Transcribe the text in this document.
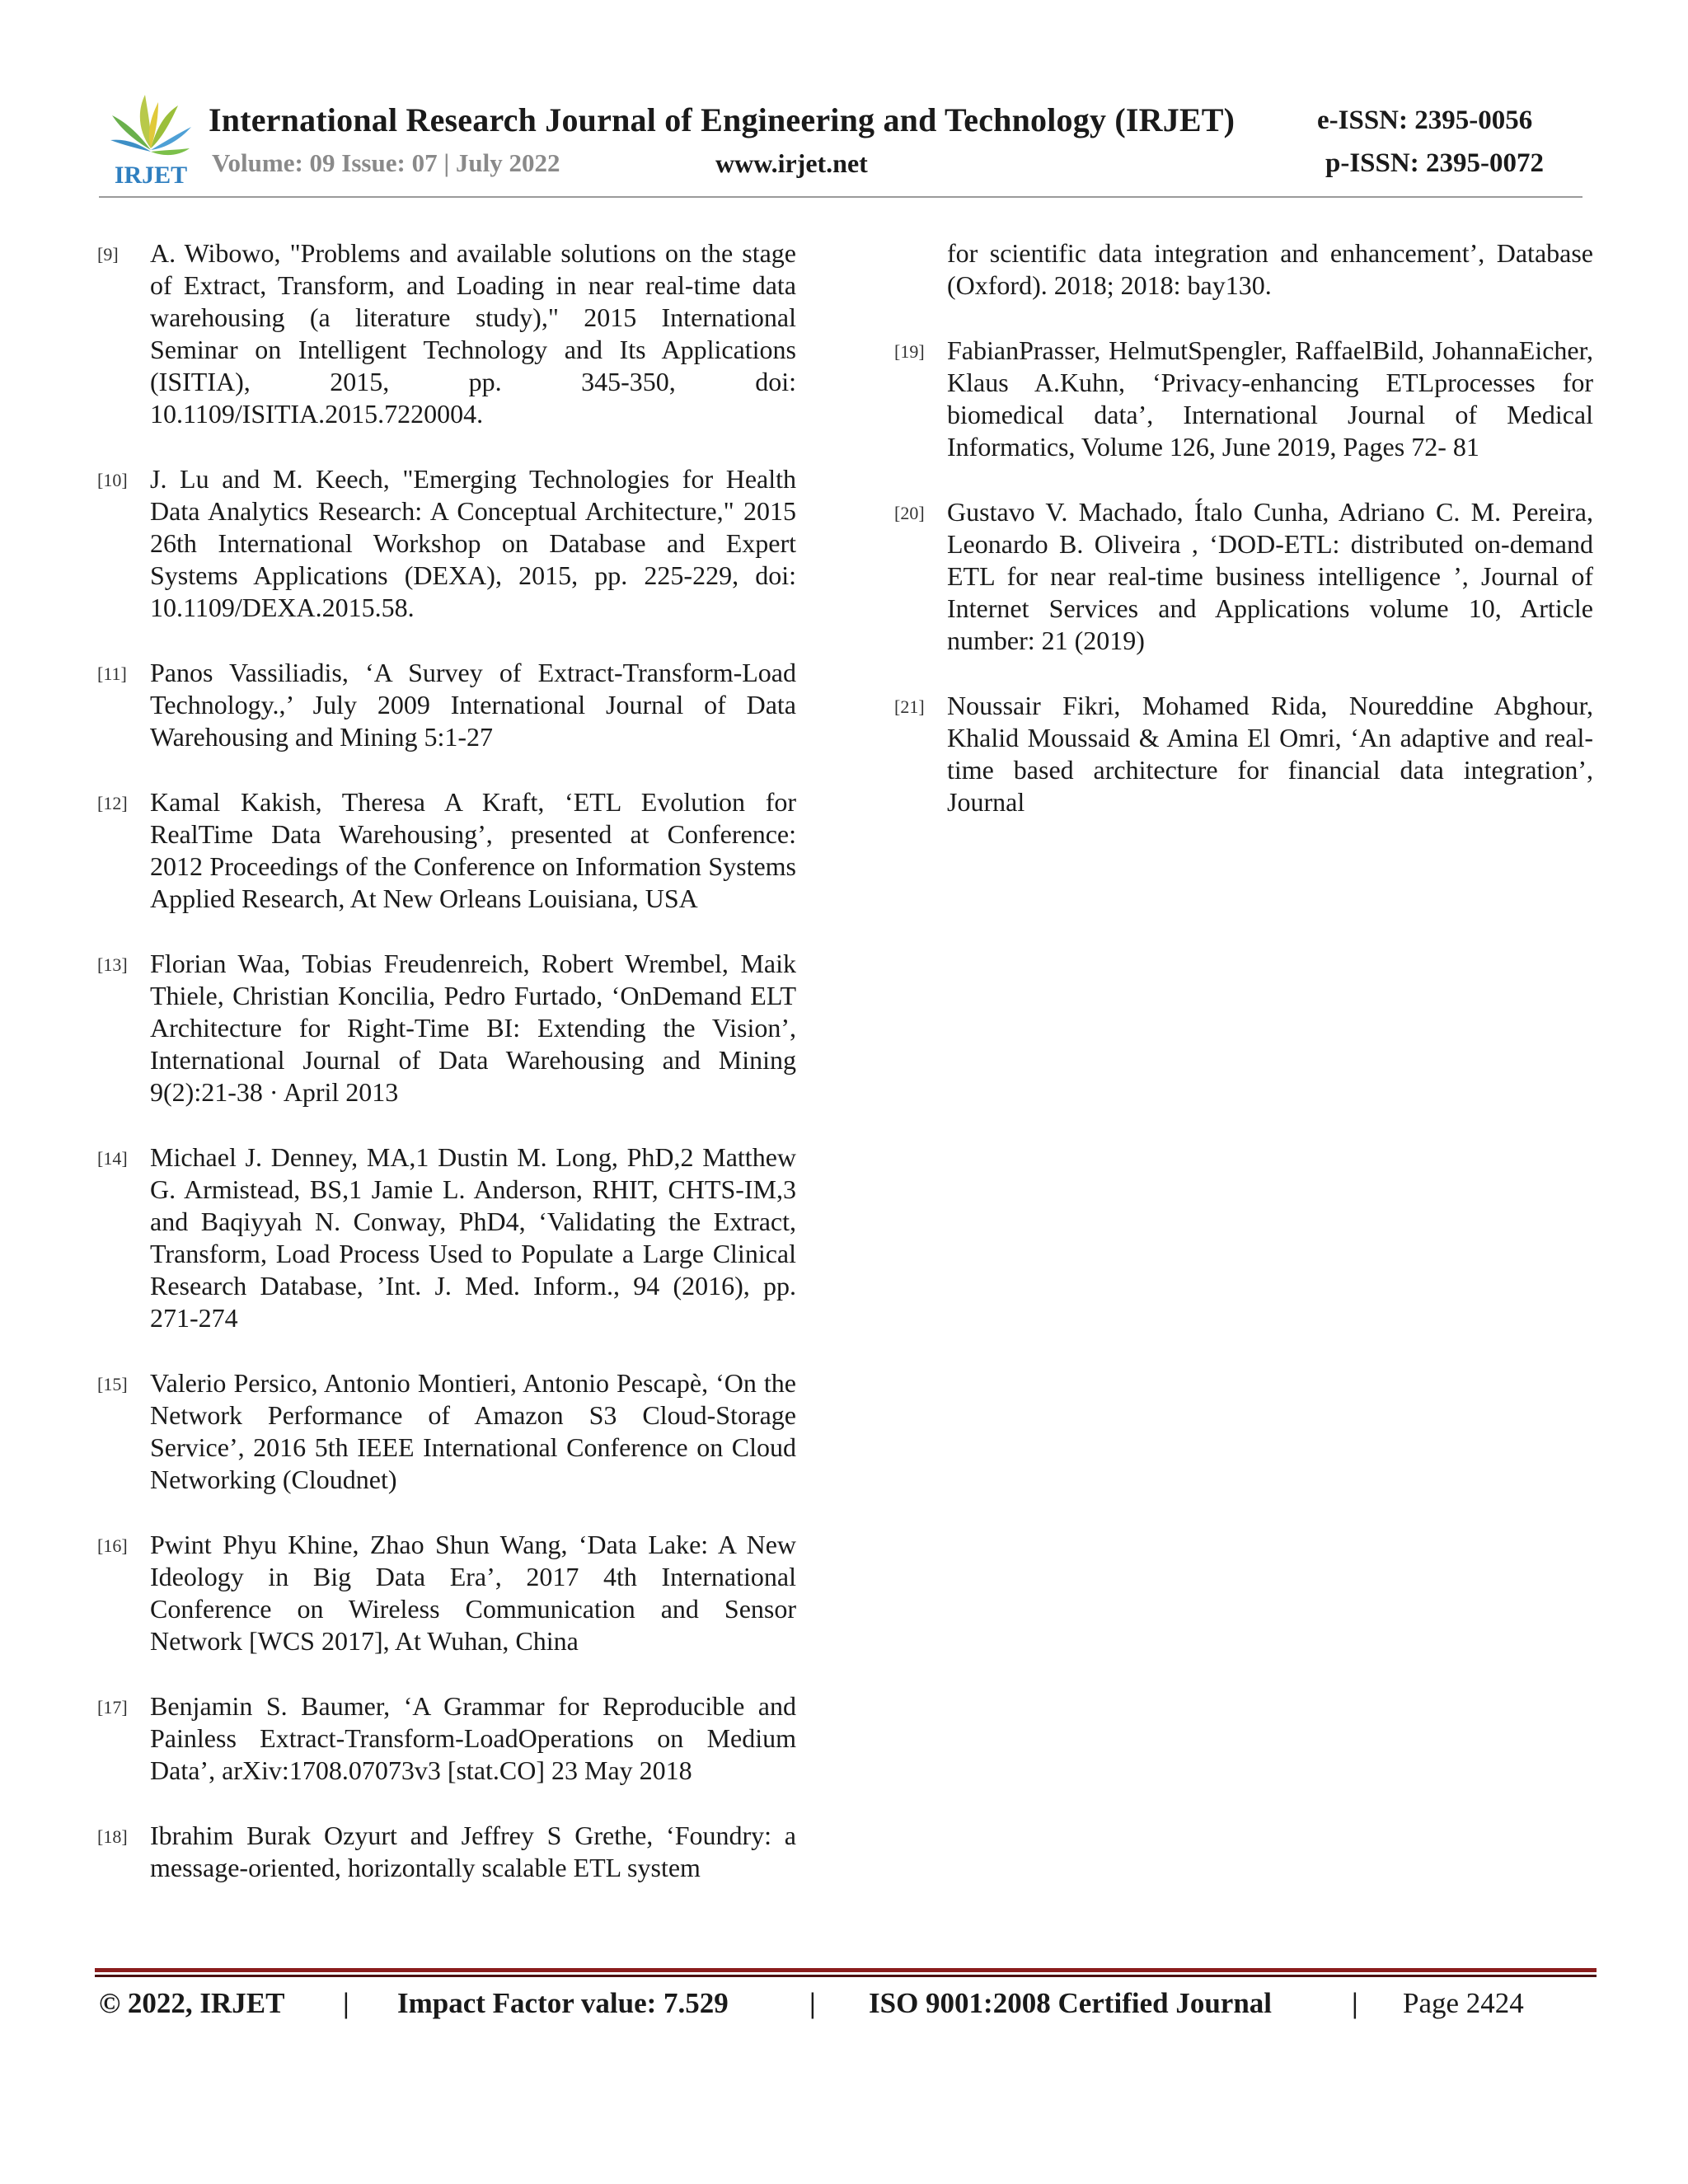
IRJET
International Research Journal of Engineering and Technology (IRJET)	e-ISSN: 2395-0056
Volume: 09 Issue: 07 | July 2022	www.irjet.net	p-ISSN: 2395-0072
[9]	A. Wibowo, "Problems and available solutions on the stage of Extract, Transform, and Loading in near real-time data warehousing (a literature study)," 2015 International Seminar on Intelligent Technology and Its Applications (ISITIA), 2015, pp. 345-350, doi: 10.1109/ISITIA.2015.7220004.
[10] J. Lu and M. Keech, "Emerging Technologies for Health Data Analytics Research: A Conceptual Architecture," 2015 26th International Workshop on Database and Expert Systems Applications (DEXA), 2015, pp. 225-229, doi: 10.1109/DEXA.2015.58.
[11] Panos Vassiliadis, ‘A Survey of Extract-Transform-Load Technology.,’ July 2009 International Journal of Data Warehousing and Mining 5:1-27
[12] Kamal Kakish, Theresa A Kraft, ‘ETL Evolution for RealTime Data Warehousing’, presented at Conference: 2012 Proceedings of the Conference on Information Systems Applied Research, At New Orleans Louisiana, USA
[13] Florian Waa, Tobias Freudenreich, Robert Wrembel, Maik Thiele, Christian Koncilia, Pedro Furtado, ‘OnDemand ELT Architecture for Right-Time BI: Extending the Vision’, International Journal of Data Warehousing and Mining 9(2):21-38 · April 2013
[14] Michael J. Denney, MA,1 Dustin M. Long, PhD,2 Matthew G. Armistead, BS,1 Jamie L. Anderson, RHIT, CHTS-IM,3 and Baqiyyah N. Conway, PhD4, ‘Validating the Extract, Transform, Load Process Used to Populate a Large Clinical Research Database, ’Int. J. Med. Inform., 94 (2016), pp. 271-274
[15] Valerio Persico, Antonio Montieri, Antonio Pescapè, ‘On the Network Performance of Amazon S3 Cloud-Storage Service’, 2016 5th IEEE International Conference on Cloud Networking (Cloudnet)
[16] Pwint Phyu Khine, Zhao Shun Wang, ‘Data Lake: A New Ideology in Big Data Era’, 2017 4th International Conference on Wireless Communication and Sensor Network [WCS 2017], At Wuhan, China
[17] Benjamin S. Baumer, ‘A Grammar for Reproducible and Painless Extract-Transform-LoadOperations on Medium Data’, arXiv:1708.07073v3 [stat.CO] 23 May 2018
[18] Ibrahim Burak Ozyurt and Jeffrey S Grethe, ‘Foundry: a message-oriented, horizontally scalable ETL system
for scientific data integration and enhancement’, Database (Oxford). 2018; 2018: bay130.
[19] FabianPrasser, HelmutSpengler, RaffaelBild, JohannaEicher, Klaus A.Kuhn, ‘Privacy-enhancing ETLprocesses for biomedical data’, International Journal of Medical Informatics, Volume 126, June 2019, Pages 72- 81
[20] Gustavo V. Machado, Ítalo Cunha, Adriano C. M. Pereira, Leonardo B. Oliveira , ‘DOD-ETL: distributed on-demand ETL for near real-time business intelligence ’, Journal of Internet Services and Applications volume 10, Article number: 21 (2019)
[21] Noussair Fikri, Mohamed Rida, Noureddine Abghour, Khalid Moussaid & Amina El Omri, ‘An adaptive and real-time based architecture for financial data integration’, Journal
© 2022, IRJET | Impact Factor value: 7.529	| ISO 9001:2008 Certified Journal	| Page 2424
